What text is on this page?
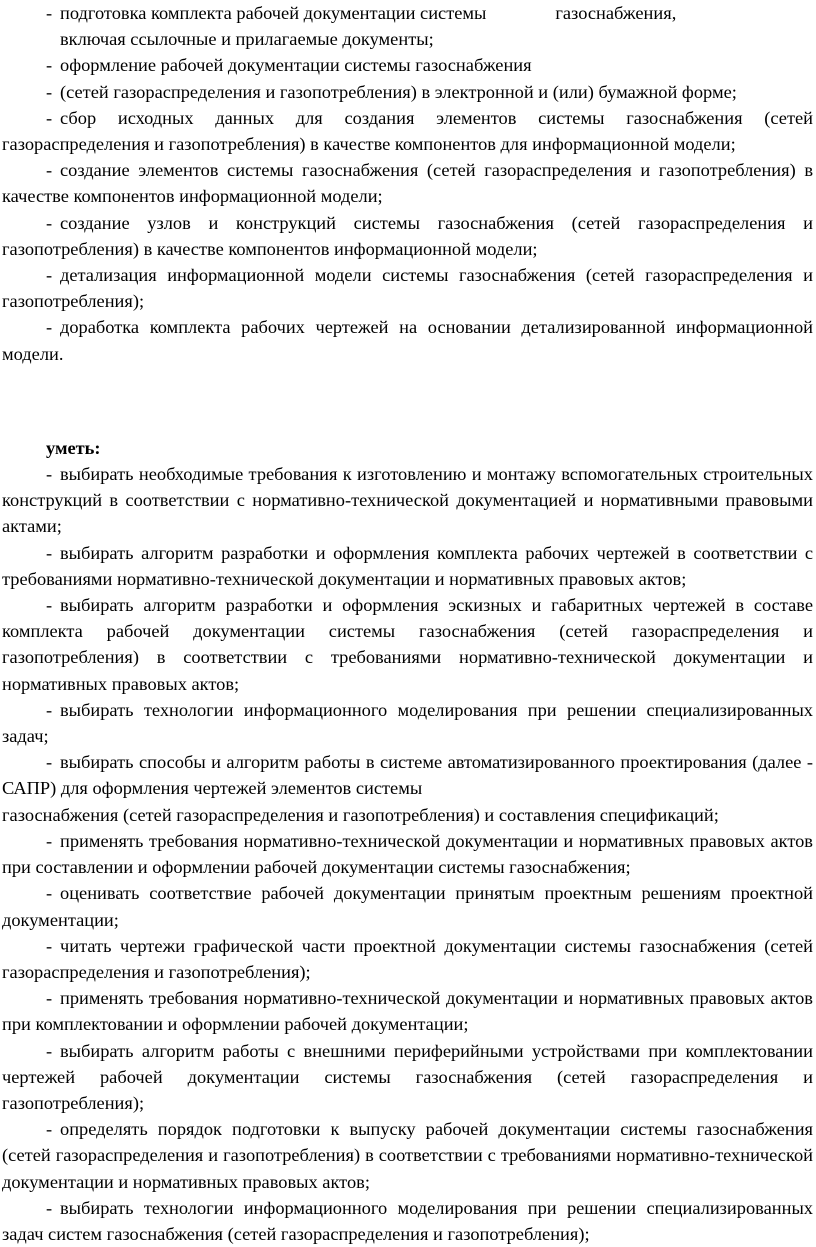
- подготовка комплекта рабочей документации системы               газоснабжения,

включая ссылочные и прилагаемые документы;

- оформление рабочей документации системы газоснабжения

- (сетей газораспределения и газопотребления) в электронной и (или) бумажной форме;

- сбор исходных данных для создания элементов системы газоснабжения (сетей газораспределения и газопотребления) в качестве компонентов для информационной модели;

- создание элементов системы газоснабжения (сетей газораспределения и газопотребления) в качестве компонентов информационной модели;

- создание узлов и конструкций системы газоснабжения (сетей газораспределения и газопотребления) в качестве компонентов информационной модели;

- детализация информационной модели системы газоснабжения (сетей газораспределения и газопотребления);

- доработка комплекта рабочих чертежей на основании детализированной информационной модели.

уметь:

- выбирать необходимые требования к изготовлению и монтажу вспомогательных строительных конструкций в соответствии с нормативно-технической документацией и нормативными правовыми актами;

- выбирать алгоритм разработки и оформления комплекта рабочих чертежей в соответствии с требованиями нормативно-технической документации и нормативных правовых актов;

- выбирать алгоритм разработки и оформления эскизных и габаритных чертежей в составе комплекта рабочей документации системы газоснабжения (сетей газораспределения и газопотребления) в соответствии с требованиями нормативно-технической документации и нормативных правовых актов;

- выбирать технологии информационного моделирования при решении специализированных задач;

- выбирать способы и алгоритм работы в системе автоматизированного проектирования (далее - САПР) для оформления чертежей элементов системы

газоснабжения (сетей газораспределения и газопотребления) и составления спецификаций;

- применять требования нормативно-технической документации и нормативных правовых актов при составлении и оформлении рабочей документации системы газоснабжения;

- оценивать соответствие рабочей документации принятым проектным решениям проектной документации;

- читать чертежи графической части проектной документации системы газоснабжения (сетей газораспределения и газопотребления);

- применять требования нормативно-технической документации и нормативных правовых актов при комплектовании и оформлении рабочей документации;

- выбирать алгоритм работы с внешними периферийными устройствами при комплектовании чертежей рабочей документации системы газоснабжения (сетей газораспределения и газопотребления);

- определять порядок подготовки к выпуску рабочей документации системы газоснабжения (сетей газораспределения и газопотребления) в соответствии с требованиями нормативно-технической документации и нормативных правовых актов;

- выбирать технологии информационного моделирования при решении специализированных задач систем газоснабжения (сетей газораспределения и газопотребления);
